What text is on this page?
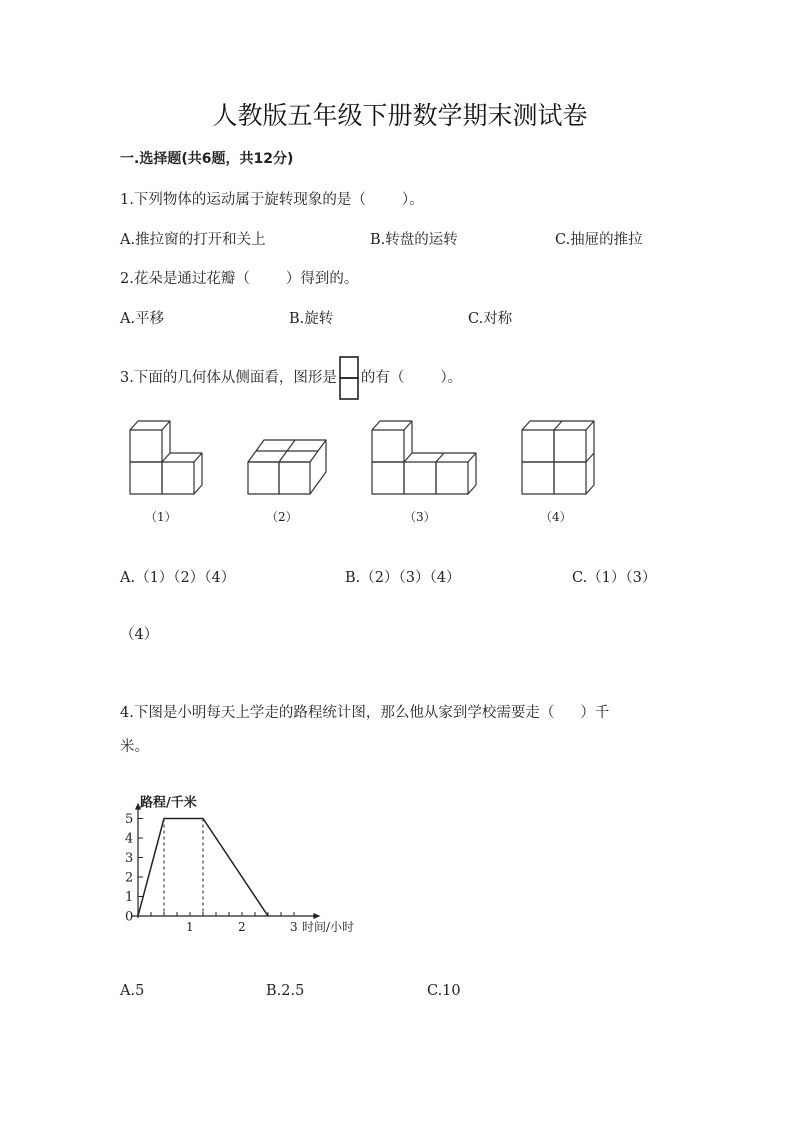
人教版五年级下册数学期末测试卷
一.选择题(共6题，共12分)
1.下列物体的运动属于旋转现象的是（ ）。
A.推拉窗的打开和关上	B.转盘的运转	C.抽屉的推拉
2.花朵是通过花瓣（ ）得到的。
A.平移	B.旋转	C.对称
3.下面的几何体从侧面看，图形是 的有（ ）。
（1）	（2）	（3）	（4）
A.（1）（2）（4）	B.（2）（3）（4）	C.（1）（3）
（4）
4.下图是小明每天上学走的路程统计图，那么他从家到学校需要走（ ）千
米。
路程/千米
时间/小时
0
1
2
3
4
5
1	2	3
A.5	B.2.5	C.10
